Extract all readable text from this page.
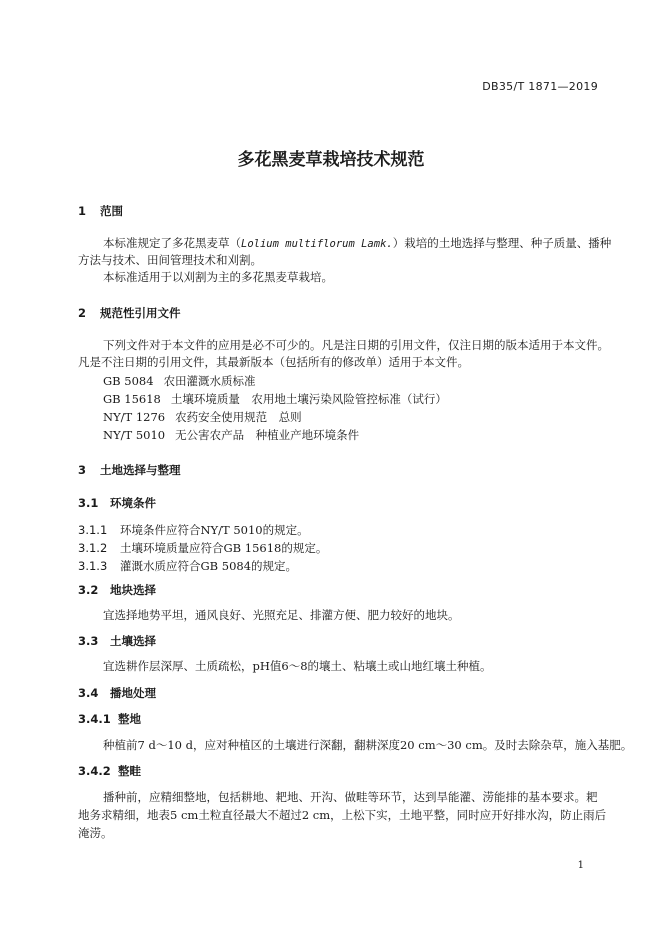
DB35/T 1871—2019
多花黑麦草栽培技术规范
1 范围
本标准规定了多花黑麦草（Lolium multiflorum Lamk.）栽培的土地选择与整理、种子质量、播种
方法与技术、田间管理技术和刈割。
本标准适用于以刈割为主的多花黑麦草栽培。
2 规范性引用文件
下列文件对于本文件的应用是必不可少的。凡是注日期的引用文件，仅注日期的版本适用于本文件。
凡是不注日期的引用文件，其最新版本（包括所有的修改单）适用于本文件。
GB 5084 农田灌溉水质标准
GB 15618 土壤环境质量　农用地土壤污染风险管控标准（试行）
NY/T 1276 农药安全使用规范　总则
NY/T 5010 无公害农产品　种植业产地环境条件
3 土地选择与整理
3.1 环境条件
3.1.1 环境条件应符合NY/T 5010的规定。
3.1.2 土壤环境质量应符合GB 15618的规定。
3.1.3 灌溉水质应符合GB 5084的规定。
3.2 地块选择
宜选择地势平坦，通风良好、光照充足、排灌方便、肥力较好的地块。
3.3 土壤选择
宜选耕作层深厚、土质疏松，pH值6～8的壤土、粘壤土或山地红壤土种植。
3.4 播地处理
3.4.1 整地
种植前7 d～10 d，应对种植区的土壤进行深翻，翻耕深度20 cm～30 cm。及时去除杂草，施入基肥。
3.4.2 整畦
播种前，应精细整地，包括耕地、耙地、开沟、做畦等环节，达到旱能灌、涝能排的基本要求。耙
地务求精细，地表5 cm土粒直径最大不超过2 cm，上松下实，土地平整，同时应开好排水沟，防止雨后
淹涝。
1
